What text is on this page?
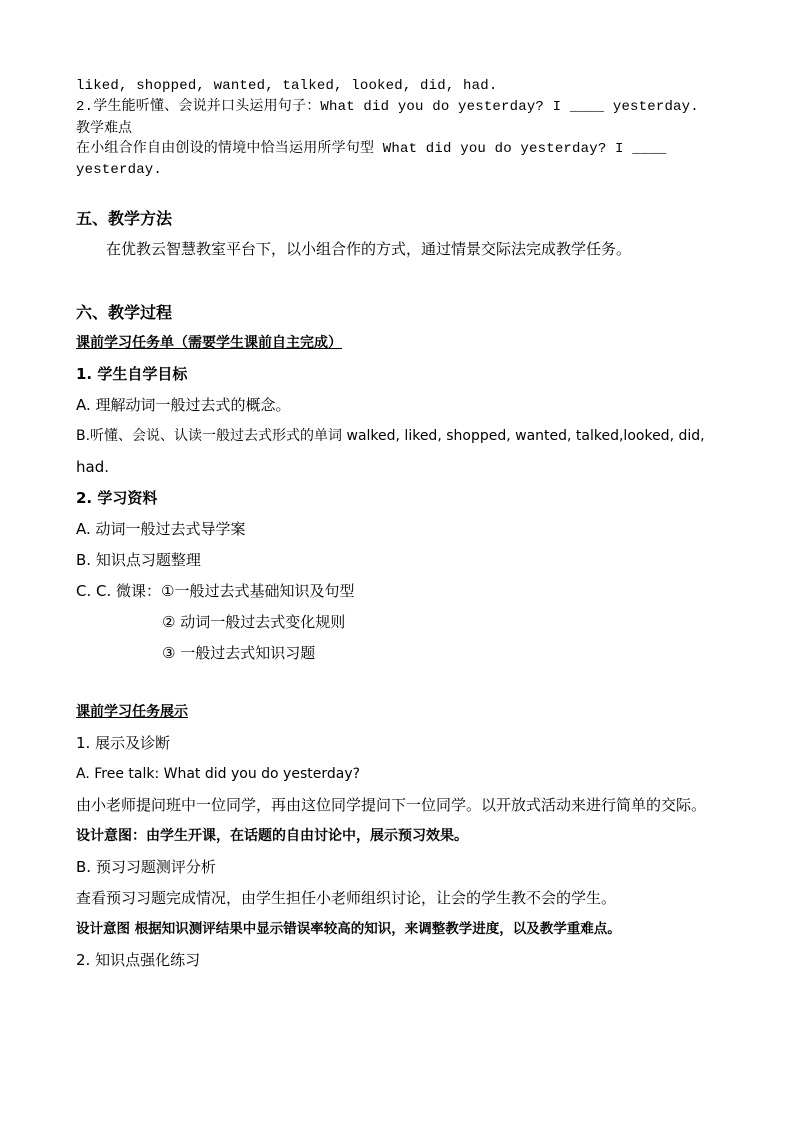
liked, shopped, wanted, talked, looked, did, had.

2.学生能听懂、会说并口头运用句子：What did you do yesterday? I ____ yesterday.

教学难点

在小组合作自由创设的情境中恰当运用所学句型 What did you do yesterday? I ____

yesterday.

五、教学方法

在优教云智慧教室平台下，以小组合作的方式，通过情景交际法完成教学任务。

六、教学过程

课前学习任务单（需要学生课前自主完成）

1. 学生自学目标

A. 理解动词一般过去式的概念。

B.听懂、会说、认读一般过去式形式的单词 walked, liked, shopped, wanted, talked,looked, did,

had.

2. 学习资料

A. 动词一般过去式导学案

B. 知识点习题整理

C. C. 微课：①一般过去式基础知识及句型

② 动词一般过去式变化规则

③ 一般过去式知识习题

课前学习任务展示

1. 展示及诊断

A. Free talk: What did you do yesterday?

由小老师提问班中一位同学，再由这位同学提问下一位同学。以开放式活动来进行简单的交际。

设计意图：由学生开课，在话题的自由讨论中，展示预习效果。

B. 预习习题测评分析

查看预习习题完成情况，由学生担任小老师组织讨论，让会的学生教不会的学生。

设计意图 根据知识测评结果中显示错误率较高的知识，来调整教学进度，以及教学重难点。

2. 知识点强化练习
